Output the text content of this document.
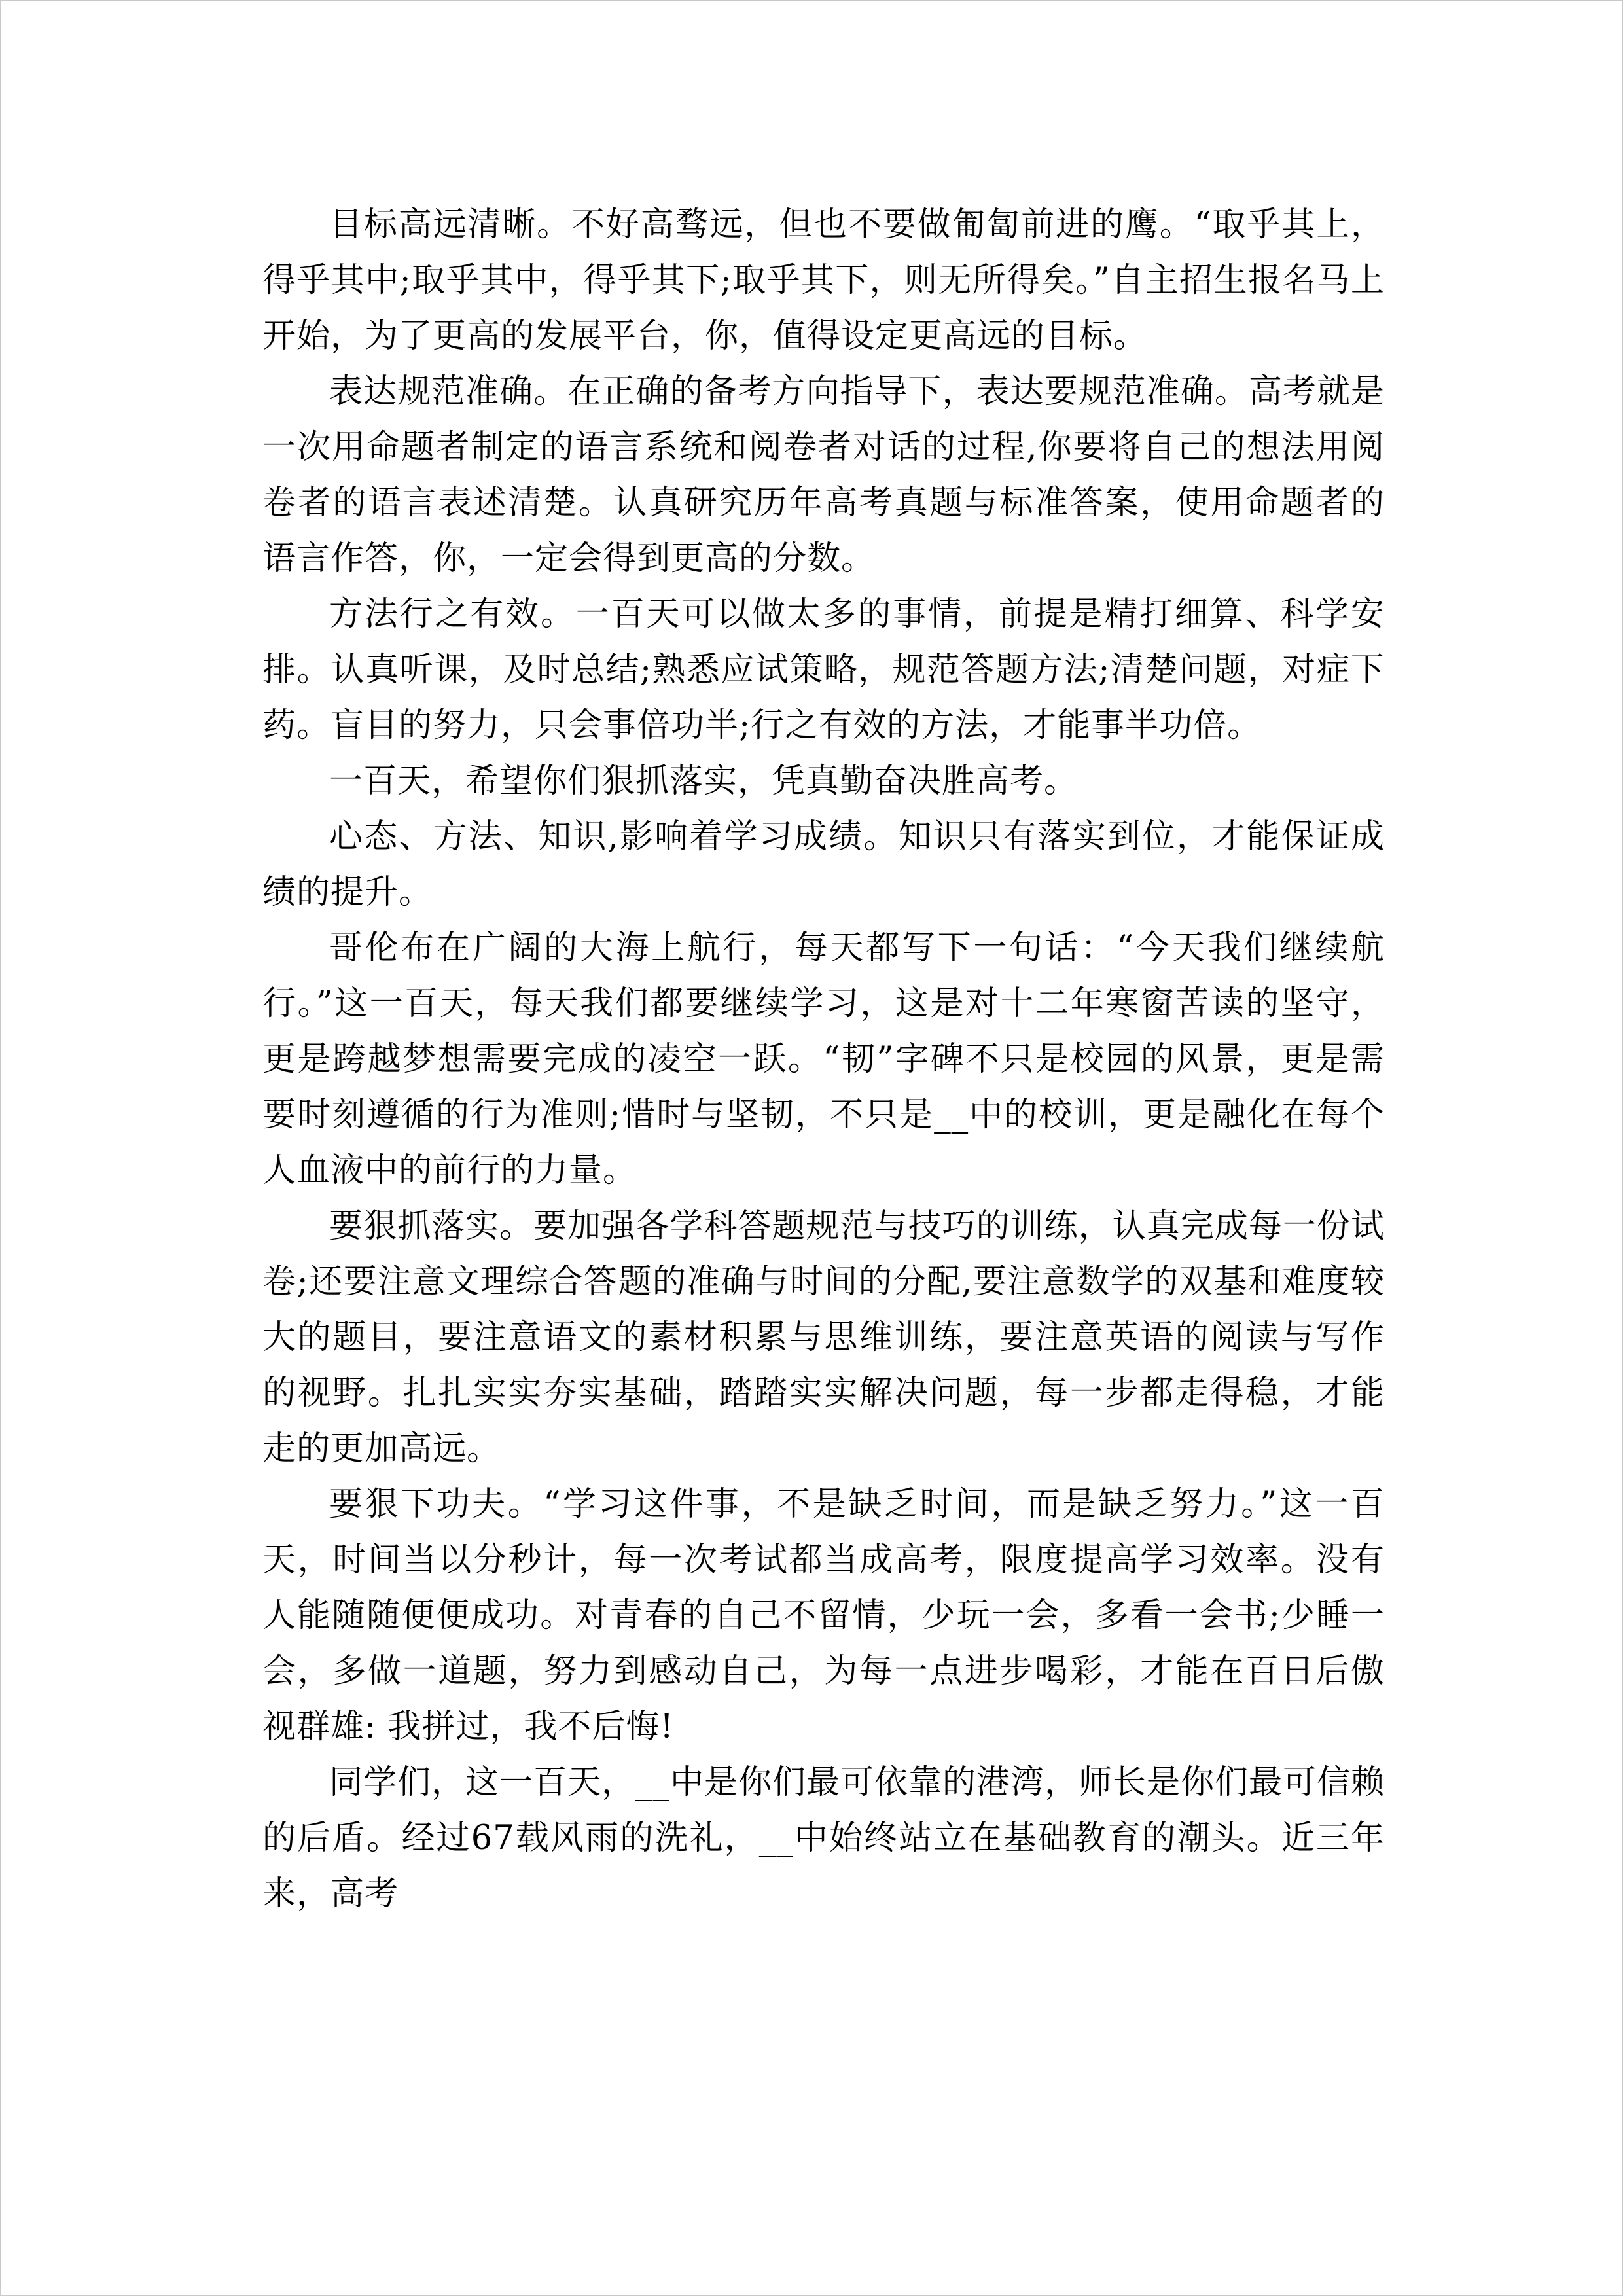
目标高远清晰。不好高骛远，但也不要做匍匐前进的鹰。“取乎其上，得乎其中;取乎其中，得乎其下;取乎其下，则无所得矣。”自主招生报名马上开始，为了更高的发展平台，你，值得设定更高远的目标。

表达规范准确。在正确的备考方向指导下，表达要规范准确。高考就是一次用命题者制定的语言系统和阅卷者对话的过程,你要将自己的想法用阅卷者的语言表述清楚。认真研究历年高考真题与标准答案，使用命题者的语言作答，你，一定会得到更高的分数。

方法行之有效。一百天可以做太多的事情，前提是精打细算、科学安排。认真听课，及时总结;熟悉应试策略，规范答题方法;清楚问题，对症下药。盲目的努力，只会事倍功半;行之有效的方法，才能事半功倍。

一百天，希望你们狠抓落实，凭真勤奋决胜高考。

心态、方法、知识,影响着学习成绩。知识只有落实到位，才能保证成绩的提升。

哥伦布在广阔的大海上航行，每天都写下一句话：“今天我们继续航行。”这一百天，每天我们都要继续学习，这是对十二年寒窗苦读的坚守，更是跨越梦想需要完成的凌空一跃。“韧”字碑不只是校园的风景，更是需要时刻遵循的行为准则;惜时与坚韧，不只是__中的校训，更是融化在每个人血液中的前行的力量。

要狠抓落实。要加强各学科答题规范与技巧的训练，认真完成每一份试卷;还要注意文理综合答题的准确与时间的分配,要注意数学的双基和难度较大的题目，要注意语文的素材积累与思维训练，要注意英语的阅读与写作的视野。扎扎实实夯实基础，踏踏实实解决问题，每一步都走得稳，才能走的更加高远。

要狠下功夫。“学习这件事，不是缺乏时间，而是缺乏努力。”这一百天，时间当以分秒计，每一次考试都当成高考，限度提高学习效率。没有人能随随便便成功。对青春的自己不留情，少玩一会，多看一会书;少睡一会，多做一道题，努力到感动自己，为每一点进步喝彩，才能在百日后傲视群雄: 我拼过，我不后悔!

同学们，这一百天，__中是你们最可依靠的港湾，师长是你们最可信赖的后盾。经过67载风雨的洗礼，__中始终站立在基础教育的潮头。近三年来，高考
